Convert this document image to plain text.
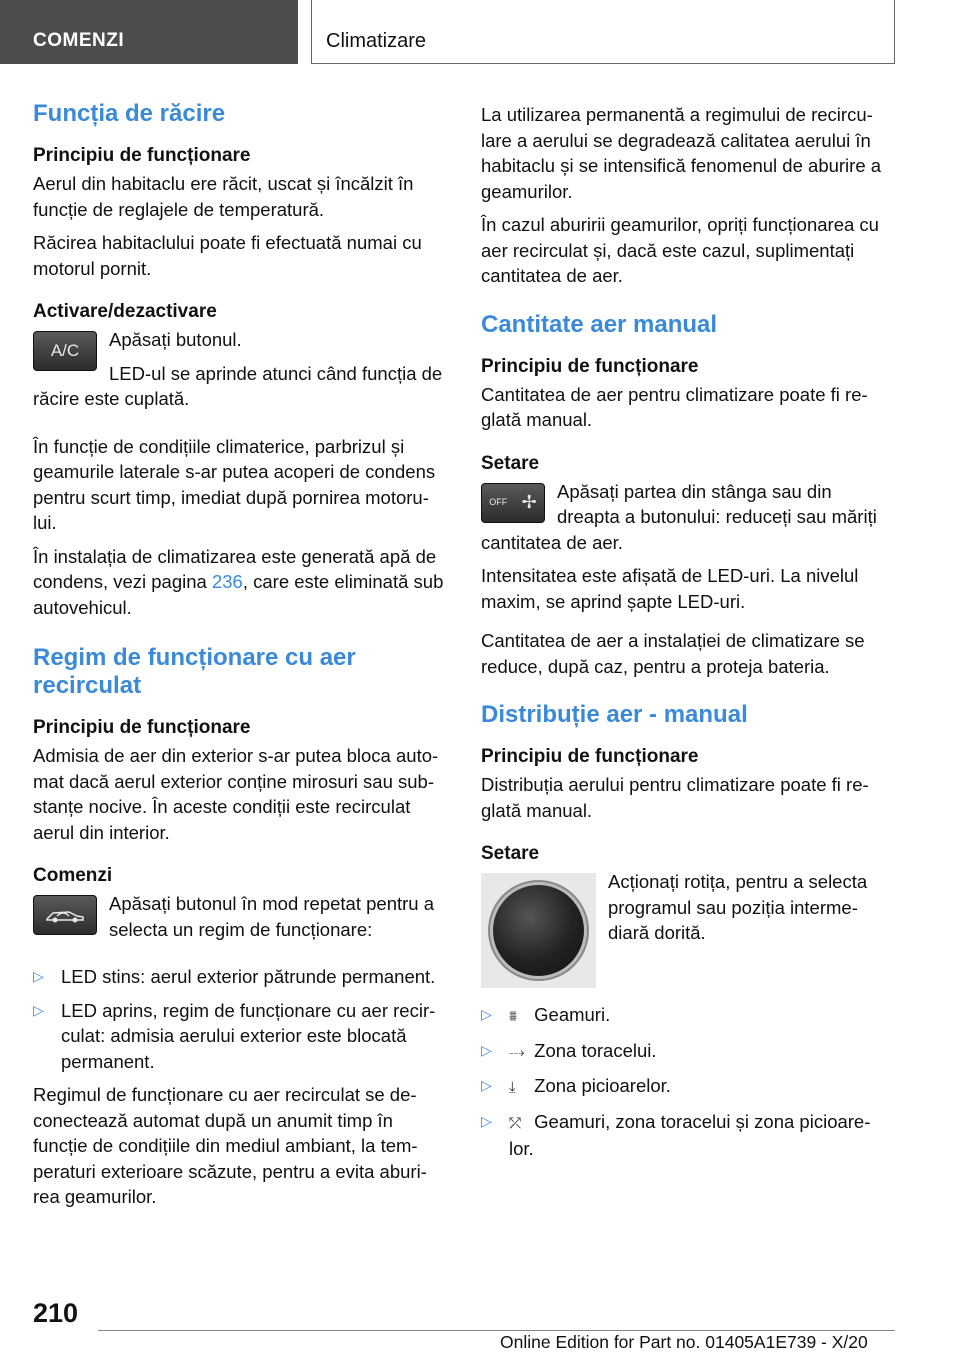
COMENZI	Climatizare
Funcția de răcire
Principiu de funcționare

Aerul din habitaclu ere răcit, uscat și încălzit în funcție de reglajele de temperatură.

Răcirea habitaclului poate fi efectuată numai cu motorul pornit.

Activare/dezactivare
A/C

Apăsați butonul.

LED-ul se aprinde atunci când funcția de răcire este cuplată.

În funcție de condițiile climaterice, parbrizul și geamurile laterale s-ar putea acoperi de condens pentru scurt timp, imediat după pornirea motoru-lui.

În instalația de climatizarea este generată apă de condens, vezi pagina 236, care este eliminată sub autovehicul.

Regim de funcționare cu aer recirculat
Principiu de funcționare

Admisia de aer din exterior s-ar putea bloca auto-mat dacă aerul exterior conține mirosuri sau sub-stanțe nocive. În aceste condiții este recirculat aerul din interior.

Comenzi

Apăsați butonul în mod repetat pentru a selecta un regim de funcționare:

▷ LED stins: aerul exterior pătrunde permanent.
▷ LED aprins, regim de funcționare cu aer recir-culat: admisia aerului exterior este blocată permanent.

Regimul de funcționare cu aer recirculat se de-conectează automat după un anumit timp în funcție de condițiile din mediul ambiant, la tem-peraturi exterioare scăzute, pentru a evita aburi-rea geamurilor.

La utilizarea permanentă a regimului de recircu-lare a aerului se degradează calitatea aerului în habitaclu și se intensifică fenomenul de aburire a geamurilor.

În cazul aburirii geamurilor, opriți funcționarea cu aer recirculat și, dacă este cazul, suplimentați cantitatea de aer.

Cantitate aer manual
Principiu de funcționare

Cantitatea de aer pentru climatizare poate fi re-glată manual.

Setare
OFF ✢

Apăsați partea din stânga sau din dreapta a butonului: reduceți sau măriți cantitatea de aer.

Intensitatea este afișată de LED-uri. La nivelul maxim, se aprind șapte LED-uri.

Cantitatea de aer a instalației de climatizare se reduce, după caz, pentru a proteja bateria.

Distribuție aer - manual
Principiu de funcționare

Distribuția aerului pentru climatizare poate fi re-glată manual.

Setare

Acționați rotița, pentru a selecta programul sau poziția interme-diară dorită.

▷ ⩩ Geamuri.
▷ ⤏ Zona toracelui.
▷ ⤓ Zona picioarelor.
▷ ⤱ Geamuri, zona toracelui și zona picioare-lor.
210
Online Edition for Part no. 01405A1E739 - X/20
